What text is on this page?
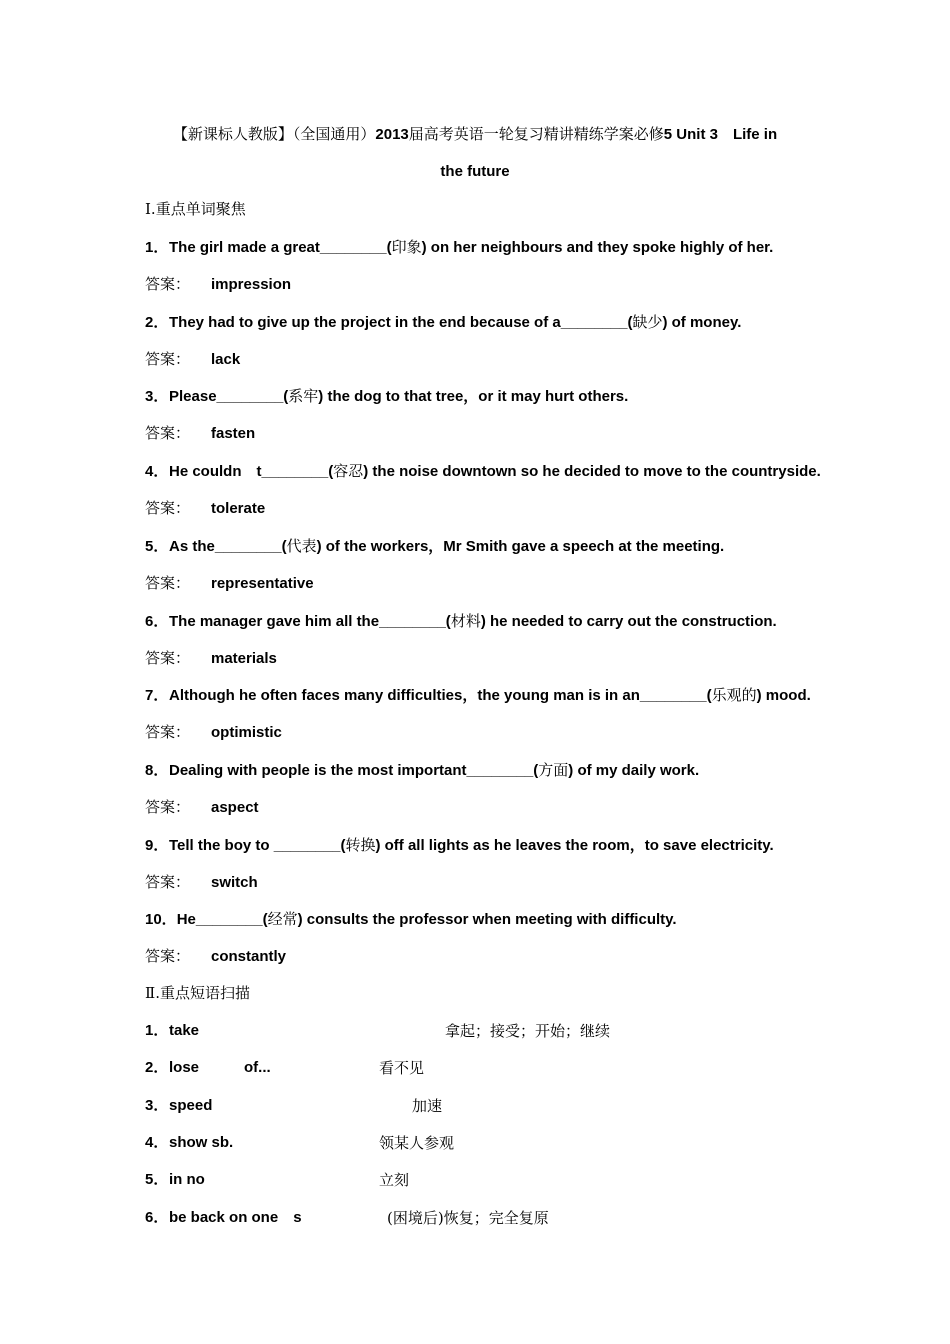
【新课标人教版】（全国通用）2013届高考英语一轮复习精讲精练学案必修5 Unit 3　Life in
the future
Ⅰ.重点单词聚焦
1．The girl made a great________(印象) on her neighbours and they spoke highly of her.
答案： impression
2．They had to give up the project in the end because of a________(缺少) of money.
答案： lack
3．Please________(系牢) the dog to that tree，or it may hurt others.
答案： fasten
4．He couldn　t________(容忍) the noise downtown so he decided to move to the countryside.
答案： tolerate
5．As the________(代表) of the workers，Mr Smith gave a speech at the meeting.
答案： representative
6．The manager gave him all the________(材料) he needed to carry out the construction.
答案： materials
7．Although he often faces many difficulties，the young man is in an________(乐观的) mood.
答案： optimistic
8．Dealing with people is the most important________(方面) of my daily work.
答案： aspect
9．Tell the boy to ________(转换) off all lights as he leaves the room，to save electricity.
答案： switch
10．He________(经常) consults the professor when meeting with difficulty.
答案： constantly
Ⅱ.重点短语扫描
1．take	拿起；接受；开始；继续
2．lose　　　of...	看不见
3．speed	加速
4．show sb.	领某人参观
5．in no	立刻
6．be back on one　s	(困境后)恢复；完全复原
